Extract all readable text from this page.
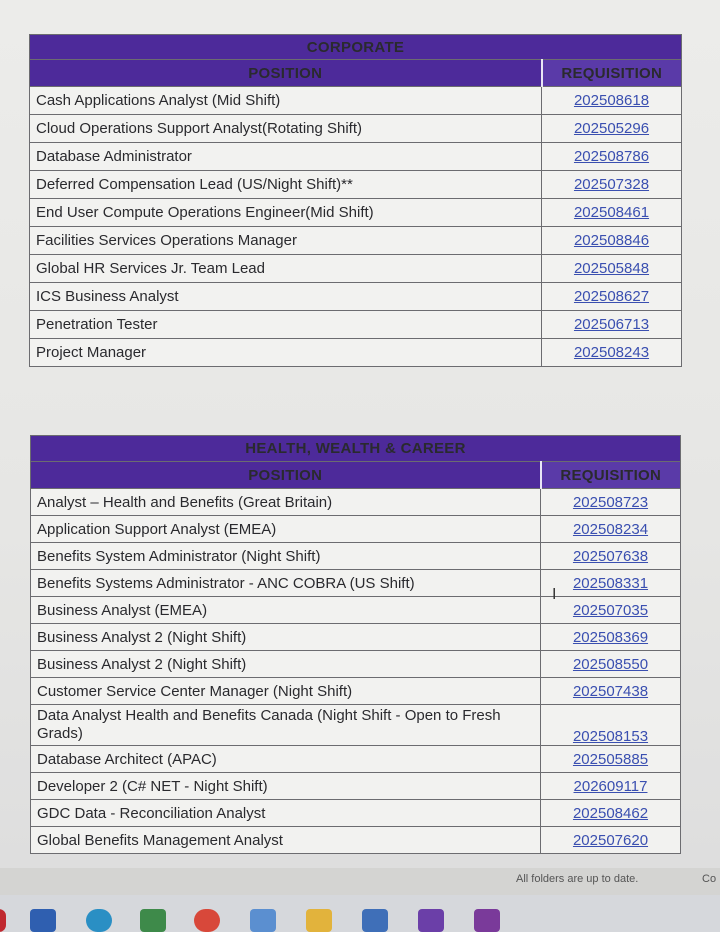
CORPORATE	
POSITION	REQUISITION
Cash Applications Analyst (Mid Shift)	202508618
Cloud Operations Support Analyst(Rotating Shift)	202505296
Database Administrator	202508786
Deferred Compensation Lead (US/Night Shift)**	202507328
End User Compute Operations Engineer(Mid Shift)	202508461
Facilities Services Operations Manager	202508846
Global HR Services Jr. Team Lead	202505848
ICS Business Analyst	202508627
Penetration Tester	202506713
Project Manager	202508243
HEALTH, WEALTH & CAREER	
POSITION	REQUISITION
Analyst – Health and Benefits (Great Britain)	202508723
Application Support Analyst (EMEA)	202508234
Benefits System Administrator (Night Shift)	202507638
Benefits Systems Administrator - ANC COBRA (US Shift)	202508331
Business Analyst (EMEA)	202507035
Business Analyst 2 (Night Shift)	202508369
Business Analyst 2 (Night Shift)	202508550
Customer Service Center Manager (Night Shift)	202507438
Data Analyst Health and Benefits Canada (Night Shift - Open to Fresh Grads)	202508153
Database Architect (APAC)	202505885
Developer 2 (C# NET - Night Shift)	202609117
GDC Data - Reconciliation Analyst	202508462
Global Benefits Management Analyst	202507620
I
All folders are up to date.	Co
